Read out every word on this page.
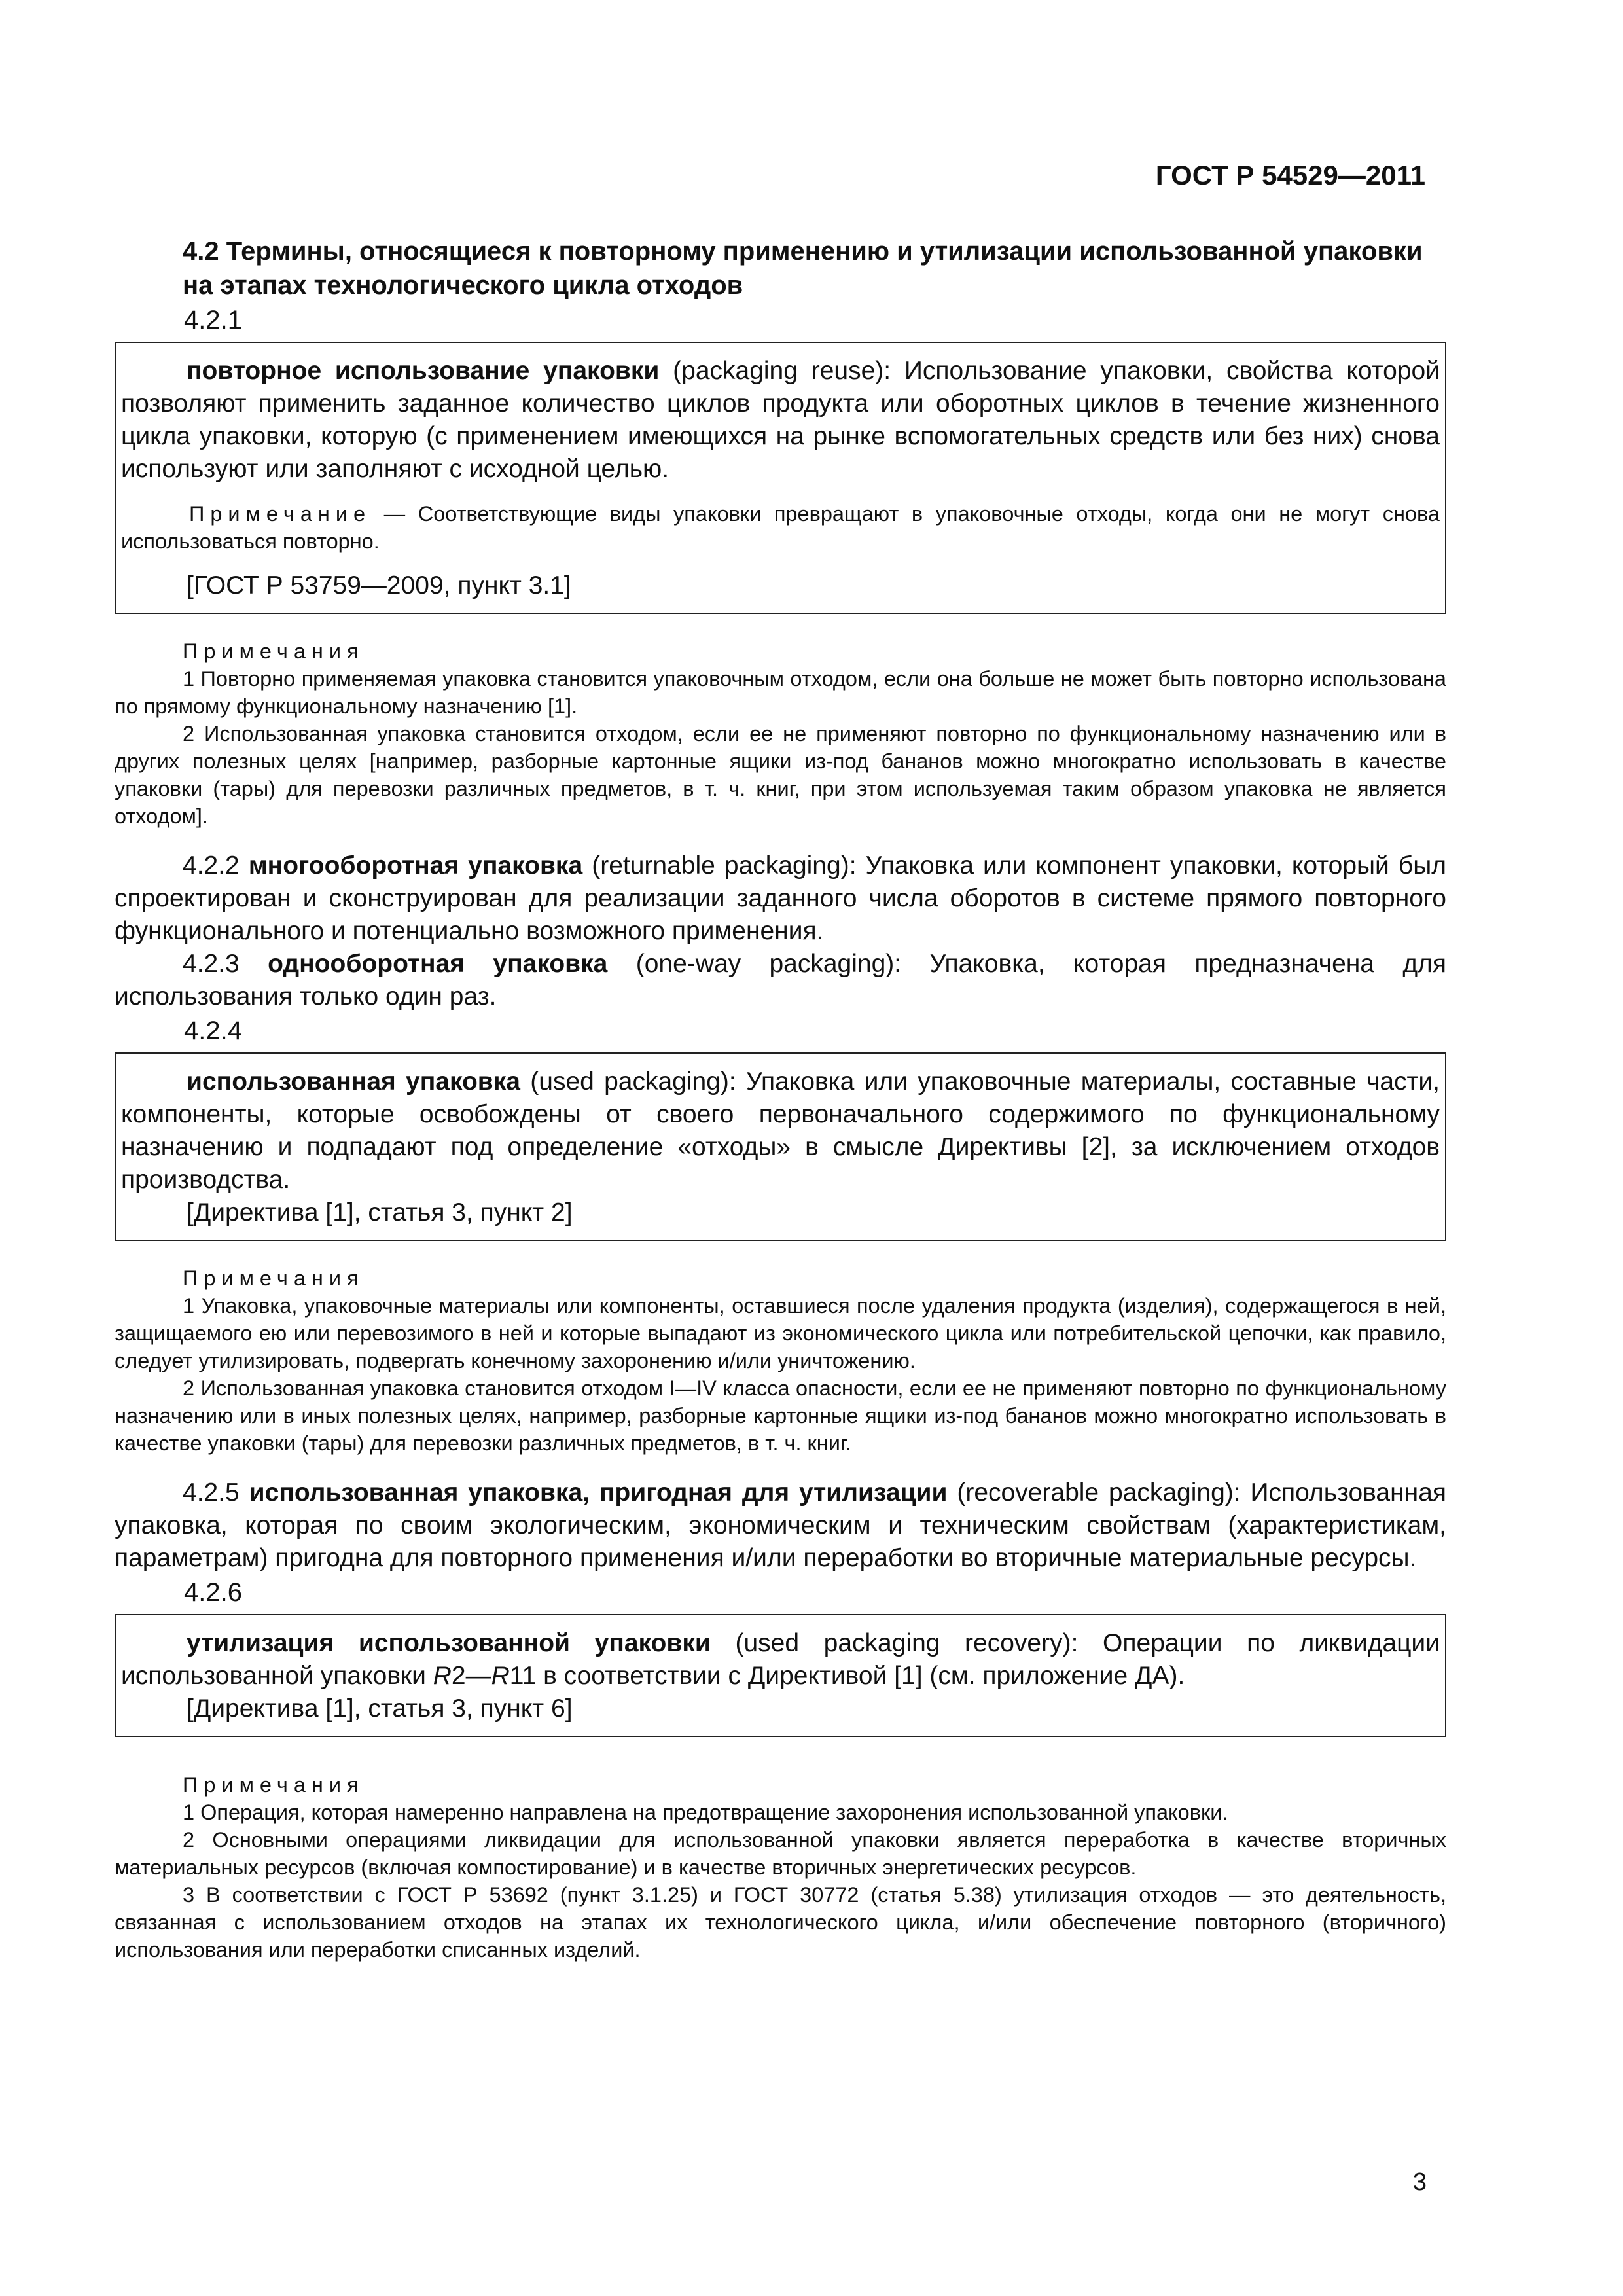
ГОСТ Р 54529—2011

4.2 Термины, относящиеся к повторному применению и утилизации использованной упаковки на этапах технологического цикла отходов

4.2.1

повторное использование упаковки (packaging reuse): Использование упаковки, свойства которой позволяют применить заданное количество циклов продукта или оборотных циклов в течение жизненного цикла упаковки, которую (с применением имеющихся на рынке вспомогательных средств или без них) снова используют или заполняют с исходной целью.

Примечание — Соответствующие виды упаковки превращают в упаковочные отходы, когда они не могут снова использоваться повторно.

[ГОСТ Р 53759—2009, пункт 3.1]

Примечания

1 Повторно применяемая упаковка становится упаковочным отходом, если она больше не может быть повторно использована по прямому функциональному назначению [1].

2 Использованная упаковка становится отходом, если ее не применяют повторно по функциональному назначению или в других полезных целях [например, разборные картонные ящики из-под бананов можно многократно использовать в качестве упаковки (тары) для перевозки различных предметов, в т. ч. книг, при этом используемая таким образом упаковка не является отходом].

4.2.2 многооборотная упаковка (returnable packaging): Упаковка или компонент упаковки, который был спроектирован и сконструирован для реализации заданного числа оборотов в системе прямого повторного функционального и потенциально возможного применения.

4.2.3 однооборотная упаковка (one-way packaging): Упаковка, которая предназначена для использования только один раз.

4.2.4

использованная упаковка (used packaging): Упаковка или упаковочные материалы, составные части, компоненты, которые освобождены от своего первоначального содержимого по функциональному назначению и подпадают под определение «отходы» в смысле Директивы [2], за исключением отходов производства.

[Директива [1], статья 3, пункт 2]

Примечания

1 Упаковка, упаковочные материалы или компоненты, оставшиеся после удаления продукта (изделия), содержащегося в ней, защищаемого ею или перевозимого в ней и которые выпадают из экономического цикла или потребительской цепочки, как правило, следует утилизировать, подвергать конечному захоронению и/или уничтожению.

2 Использованная упаковка становится отходом I—IV класса опасности, если ее не применяют повторно по функциональному назначению или в иных полезных целях, например, разборные картонные ящики из-под бананов можно многократно использовать в качестве упаковки (тары) для перевозки различных предметов, в т. ч. книг.

4.2.5 использованная упаковка, пригодная для утилизации (recoverable packaging): Использованная упаковка, которая по своим экологическим, экономическим и техническим свойствам (характеристикам, параметрам) пригодна для повторного применения и/или переработки во вторичные материальные ресурсы.

4.2.6

утилизация использованной упаковки (used packaging recovery): Операции по ликвидации использованной упаковки R2—R11 в соответствии с Директивой [1] (см. приложение ДА).

[Директива [1], статья 3, пункт 6]

Примечания

1 Операция, которая намеренно направлена на предотвращение захоронения использованной упаковки.

2 Основными операциями ликвидации для использованной упаковки является переработка в качестве вторичных материальных ресурсов (включая компостирование) и в качестве вторичных энергетических ресурсов.

3 В соответствии с ГОСТ Р 53692 (пункт 3.1.25) и ГОСТ 30772 (статья 5.38) утилизация отходов — это деятельность, связанная с использованием отходов на этапах их технологического цикла, и/или обеспечение повторного (вторичного) использования или переработки списанных изделий.

3
